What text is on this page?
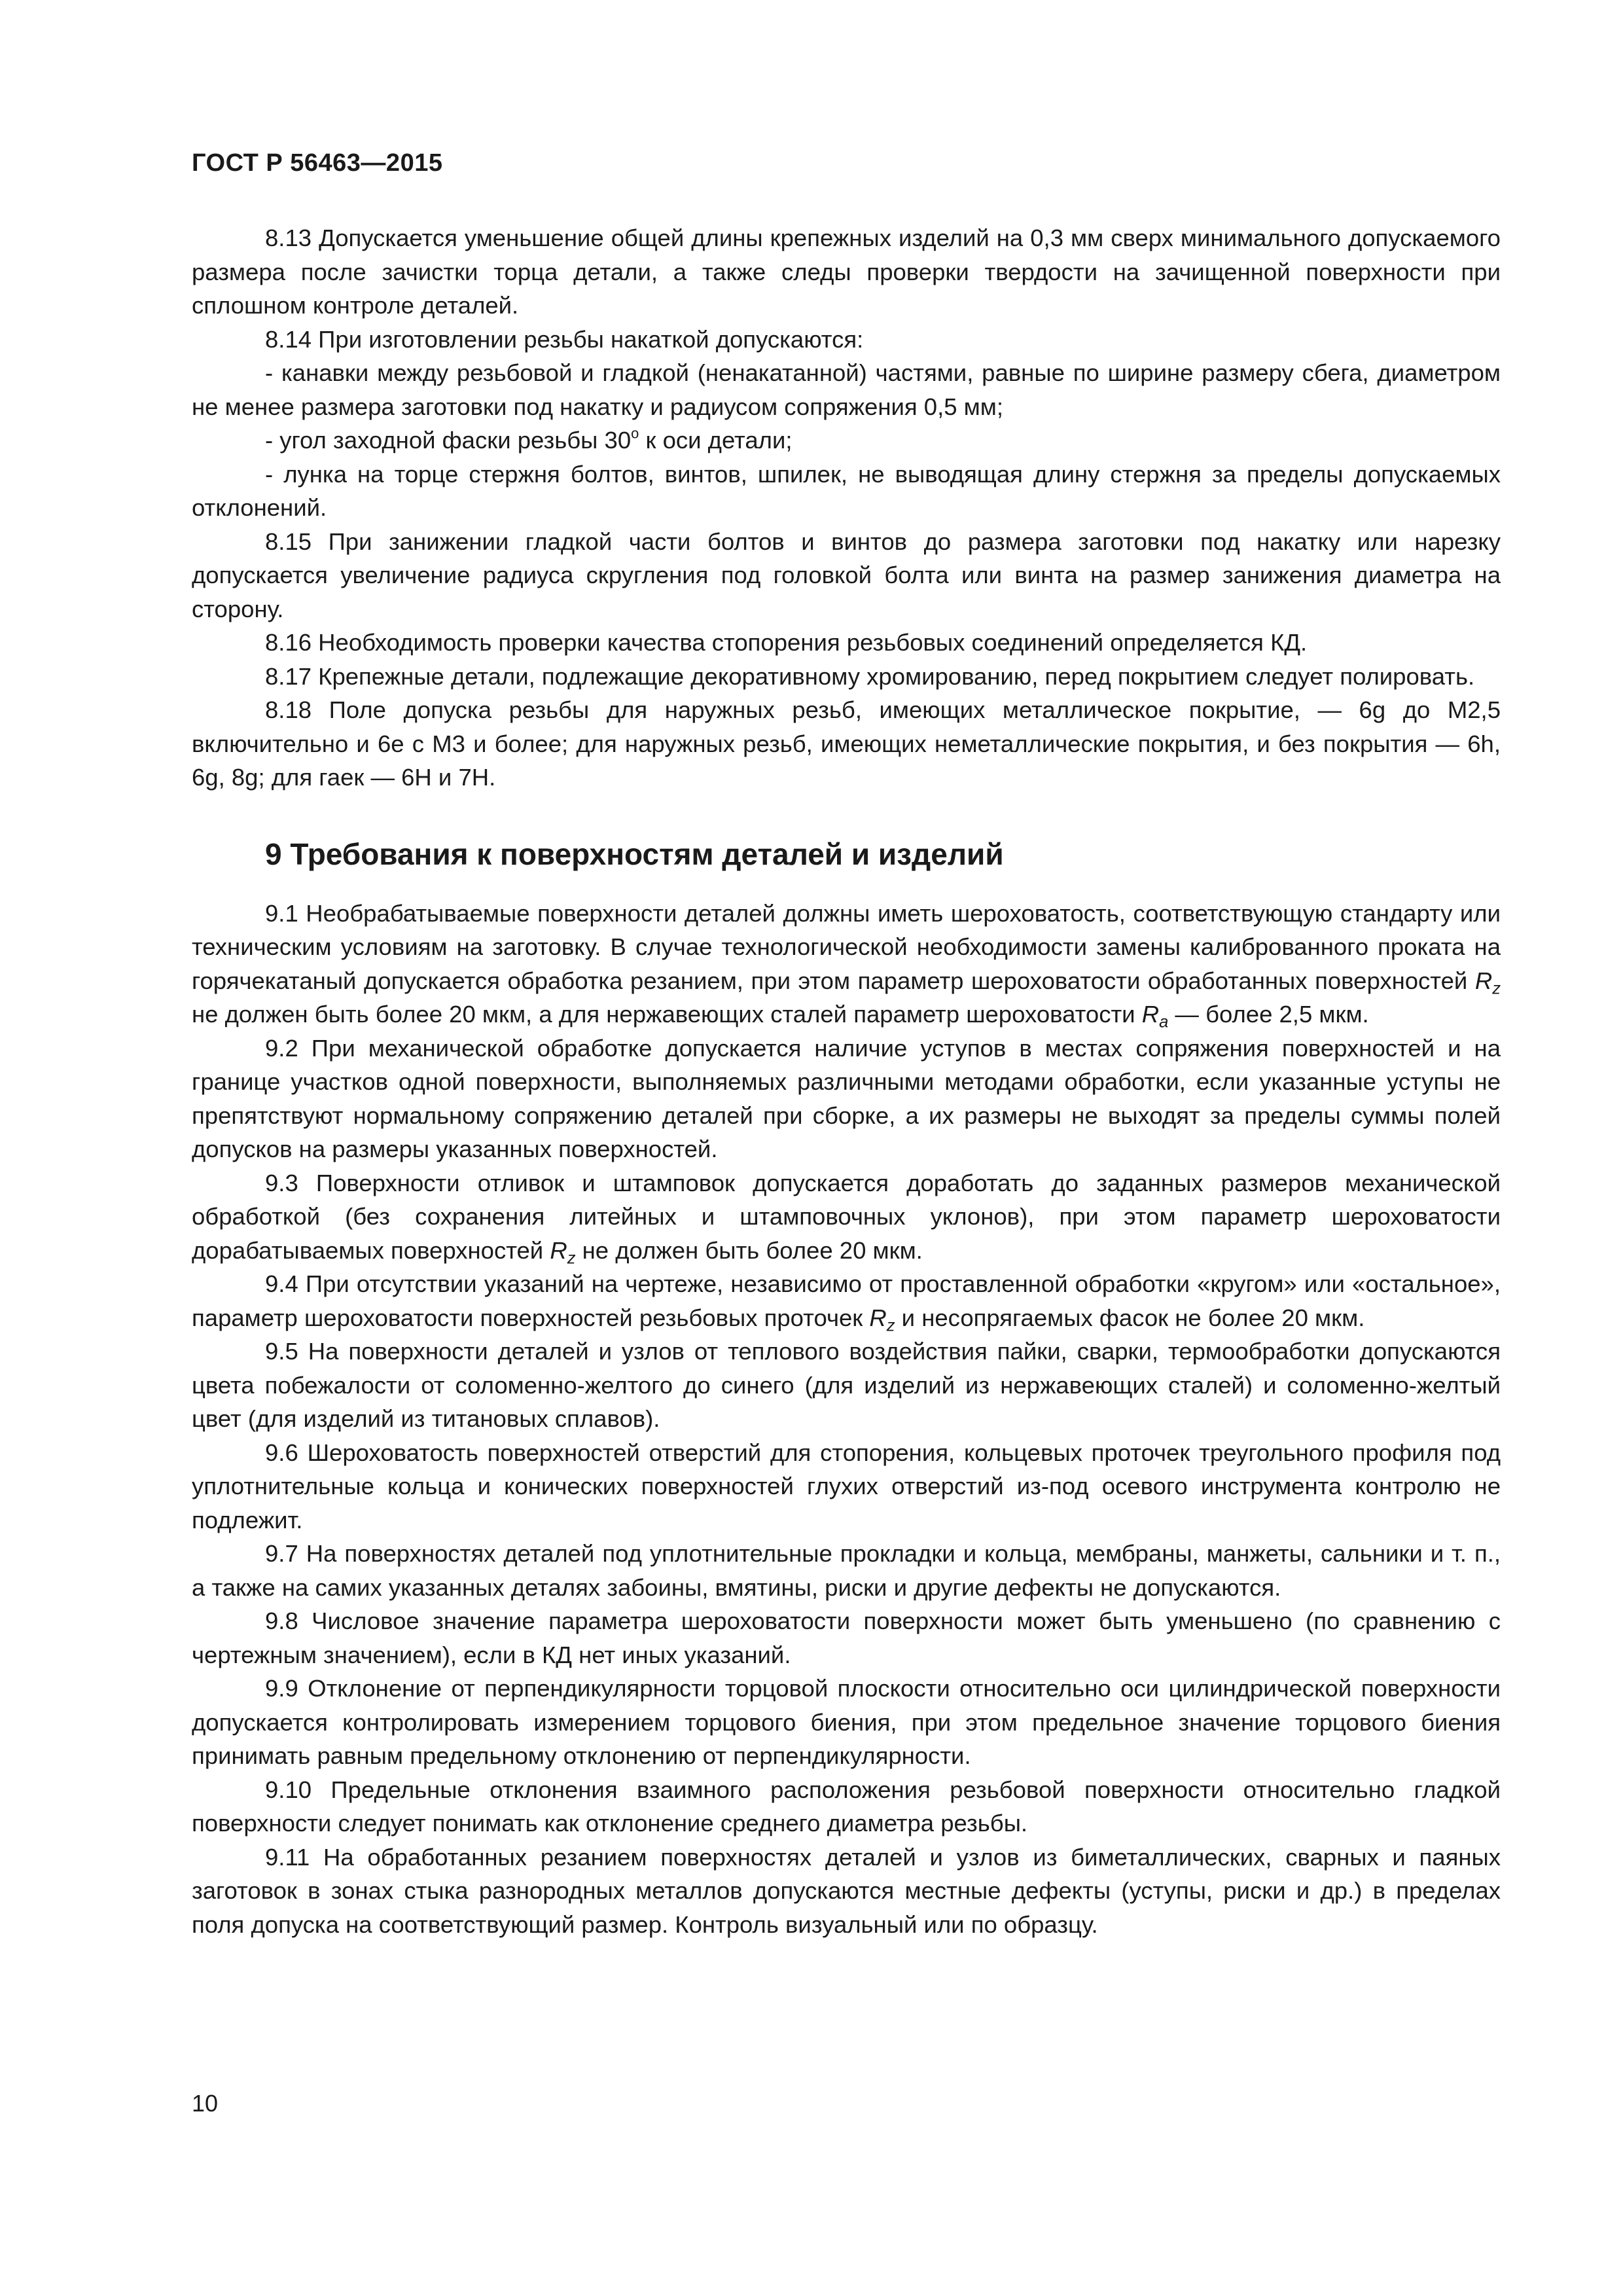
ГОСТ Р 56463—2015

8.13 Допускается уменьшение общей длины крепежных изделий на 0,3 мм сверх минимального допускаемого размера после зачистки торца детали, а также следы проверки твердости на зачищенной поверхности при сплошном контроле деталей.

8.14 При изготовлении резьбы накаткой допускаются:

- канавки между резьбовой и гладкой (ненакатанной) частями, равные по ширине размеру сбега, диаметром не менее размера заготовки под накатку и радиусом сопряжения 0,5 мм;

- угол заходной фаски резьбы $30^о$ к оси детали;

- лунка на торце стержня болтов, винтов, шпилек, не выводящая длину стержня за пределы допускаемых отклонений.

8.15 При занижении гладкой части болтов и винтов до размера заготовки под накатку или нарезку допускается увеличение радиуса скругления под головкой болта или винта на размер занижения диаметра на сторону.

8.16 Необходимость проверки качества стопорения резьбовых соединений определяется КД.

8.17 Крепежные детали, подлежащие декоративному хромированию, перед покрытием следует полировать.

8.18 Поле допуска резьбы для наружных резьб, имеющих металлическое покрытие, — 6g до М2,5 включительно и 6е с М3 и более; для наружных резьб, имеющих неметаллические покрытия, и без покрытия — 6h, 6g, 8g; для гаек — 6Н и 7Н.

9 Требования к поверхностям деталей и изделий

9.1 Необрабатываемые поверхности деталей должны иметь шероховатость, соответствующую стандарту или техническим условиям на заготовку. В случае технологической необходимости замены калиброванного проката на горячекатаный допускается обработка резанием, при этом параметр шероховатости обработанных поверхностей $R_z$ не должен быть более 20 мкм, а для нержавеющих сталей параметр шероховатости $R_a$ — более 2,5 мкм.

9.2 При механической обработке допускается наличие уступов в местах сопряжения поверхностей и на границе участков одной поверхности, выполняемых различными методами обработки, если указанные уступы не препятствуют нормальному сопряжению деталей при сборке, а их размеры не выходят за пределы суммы полей допусков на размеры указанных поверхностей.

9.3 Поверхности отливок и штамповок допускается доработать до заданных размеров механической обработкой (без сохранения литейных и штамповочных уклонов), при этом параметр шероховатости дорабатываемых поверхностей $R_z$ не должен быть более 20 мкм.

9.4 При отсутствии указаний на чертеже, независимо от проставленной обработки «кругом» или «остальное», параметр шероховатости поверхностей резьбовых проточек $R_z$ и несопрягаемых фасок не более 20 мкм.

9.5 На поверхности деталей и узлов от теплового воздействия пайки, сварки, термообработки допускаются цвета побежалости от соломенно-желтого до синего (для изделий из нержавеющих сталей) и соломенно-желтый цвет (для изделий из титановых сплавов).

9.6 Шероховатость поверхностей отверстий для стопорения, кольцевых проточек треугольного профиля под уплотнительные кольца и конических поверхностей глухих отверстий из-под осевого инструмента контролю не подлежит.

9.7 На поверхностях деталей под уплотнительные прокладки и кольца, мембраны, манжеты, сальники и т. п., а также на самих указанных деталях забоины, вмятины, риски и другие дефекты не допускаются.

9.8 Числовое значение параметра шероховатости поверхности может быть уменьшено (по сравнению с чертежным значением), если в КД нет иных указаний.

9.9 Отклонение от перпендикулярности торцовой плоскости относительно оси цилиндрической поверхности допускается контролировать измерением торцового биения, при этом предельное значение торцового биения принимать равным предельному отклонению от перпендикулярности.

9.10 Предельные отклонения взаимного расположения резьбовой поверхности относительно гладкой поверхности следует понимать как отклонение среднего диаметра резьбы.

9.11 На обработанных резанием поверхностях деталей и узлов из биметаллических, сварных и паяных заготовок в зонах стыка разнородных металлов допускаются местные дефекты (уступы, риски и др.) в пределах поля допуска на соответствующий размер. Контроль визуальный или по образцу.

10
